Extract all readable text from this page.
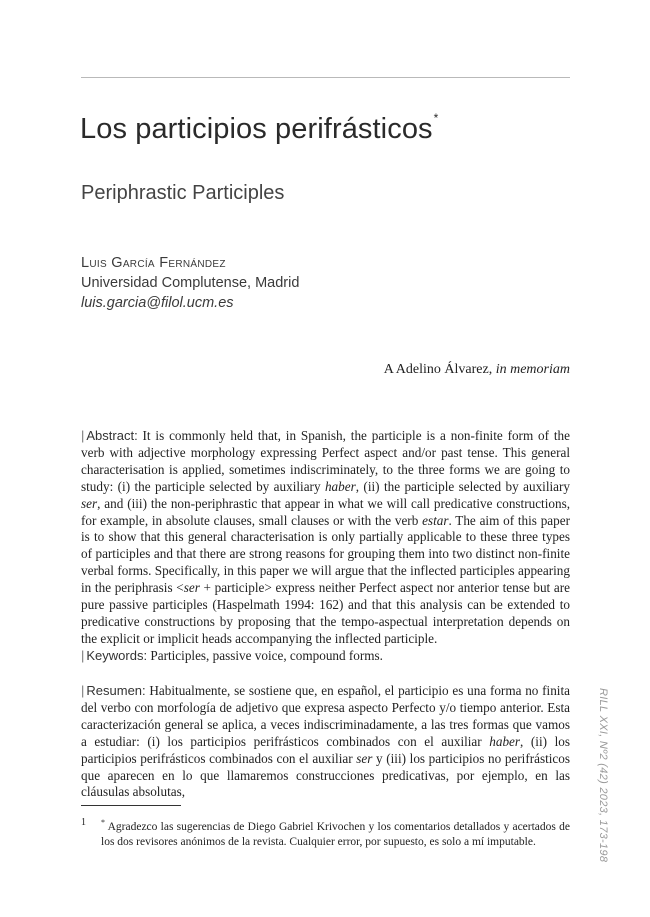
Los participios perifrásticos*
Periphrastic Participles
Luis García Fernández
Universidad Complutense, Madrid
luis.garcia@filol.ucm.es
A Adelino Álvarez, in memoriam

| Abstract: It is commonly held that, in Spanish, the participle is a non-finite form of the verb with adjective morphology expressing Perfect aspect and/or past tense. This general characterisation is applied, sometimes indiscriminately, to the three forms we are going to study: (i) the participle selected by auxiliary haber, (ii) the participle selected by auxiliary ser, and (iii) the non-periphrastic that appear in what we will call predicative constructions, for example, in absolute clauses, small clauses or with the verb estar. The aim of this paper is to show that this general characterisation is only partially applicable to these three types of participles and that there are strong reasons for grouping them into two distinct non-finite verbal forms. Specifically, in this paper we will argue that the inflected participles appearing in the periphrasis <ser + participle> express neither Perfect aspect nor anterior tense but are pure passive participles (Haspelmath 1994: 162) and that this analysis can be extended to predicative constructions by proposing that the tempo-aspectual interpretation depends on the explicit or implicit heads accompanying the inflected participle.

| Keywords: Participles, passive voice, compound forms.

| Resumen: Habitualmente, se sostiene que, en español, el participio es una forma no finita del verbo con morfología de adjetivo que expresa aspecto Perfecto y/o tiempo anterior. Esta caracterización general se aplica, a veces indiscriminadamente, a las tres formas que vamos a estudiar: (i) los participios perifrásticos combinados con el auxiliar haber, (ii) los participios perifrásticos combinados con el auxiliar ser y (iii) los participios no perifrásticos que aparecen en lo que llamaremos construcciones predicativas, por ejemplo, en las cláusulas absolutas,

1 * Agradezco las sugerencias de Diego Gabriel Krivochen y los comentarios detallados y acertados de los dos revisores anónimos de la revista. Cualquier error, por supuesto, es solo a mí imputable.	RILL XXI, Nº2 (42) 2023, 173-198
